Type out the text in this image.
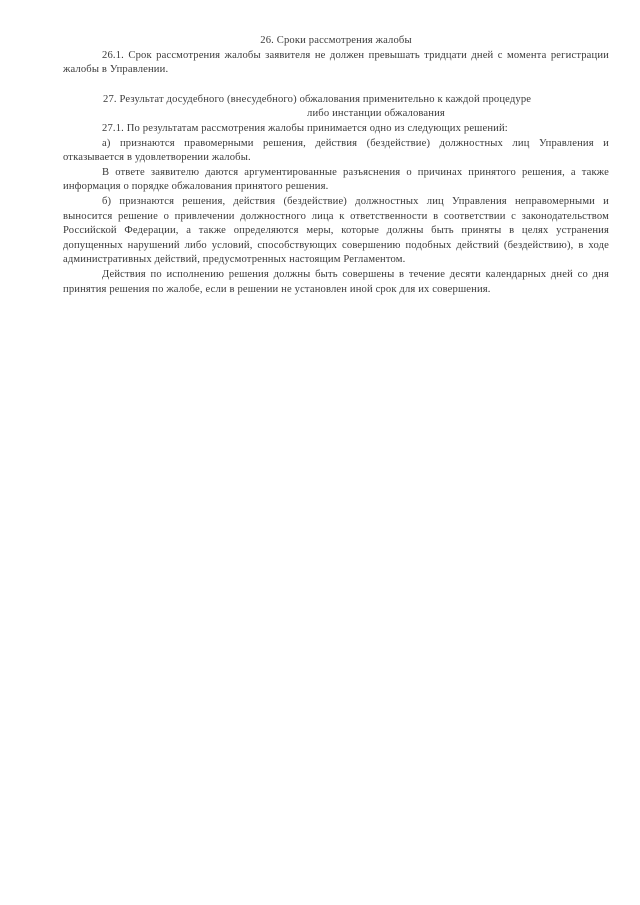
26. Сроки рассмотрения жалобы

26.1. Срок рассмотрения жалобы заявителя не должен превышать тридцати дней с момента регистрации жалобы в Управлении.

27. Результат досудебного (внесудебного) обжалования применительно к каждой процедуре
либо инстанции обжалования

27.1. По результатам рассмотрения жалобы принимается одно из следующих решений:

а) признаются правомерными решения, действия (бездействие) должностных лиц Управления и отказывается в удовлетворении жалобы.

В ответе заявителю даются аргументированные разъяснения о причинах принятого решения, а также информация о порядке обжалования принятого решения.

б) признаются решения, действия (бездействие) должностных лиц Управления неправомерными и выносится решение о привлечении должностного лица к ответственности в соответствии с законодательством Российской Федерации, а также определяются меры, которые должны быть приняты в целях устранения допущенных нарушений либо условий, способствующих совершению подобных действий (бездействию), в ходе административных действий, предусмотренных настоящим Регламентом.

Действия по исполнению решения должны быть совершены в течение десяти календарных дней со дня принятия решения по жалобе, если в решении не установлен иной срок для их совершения.
